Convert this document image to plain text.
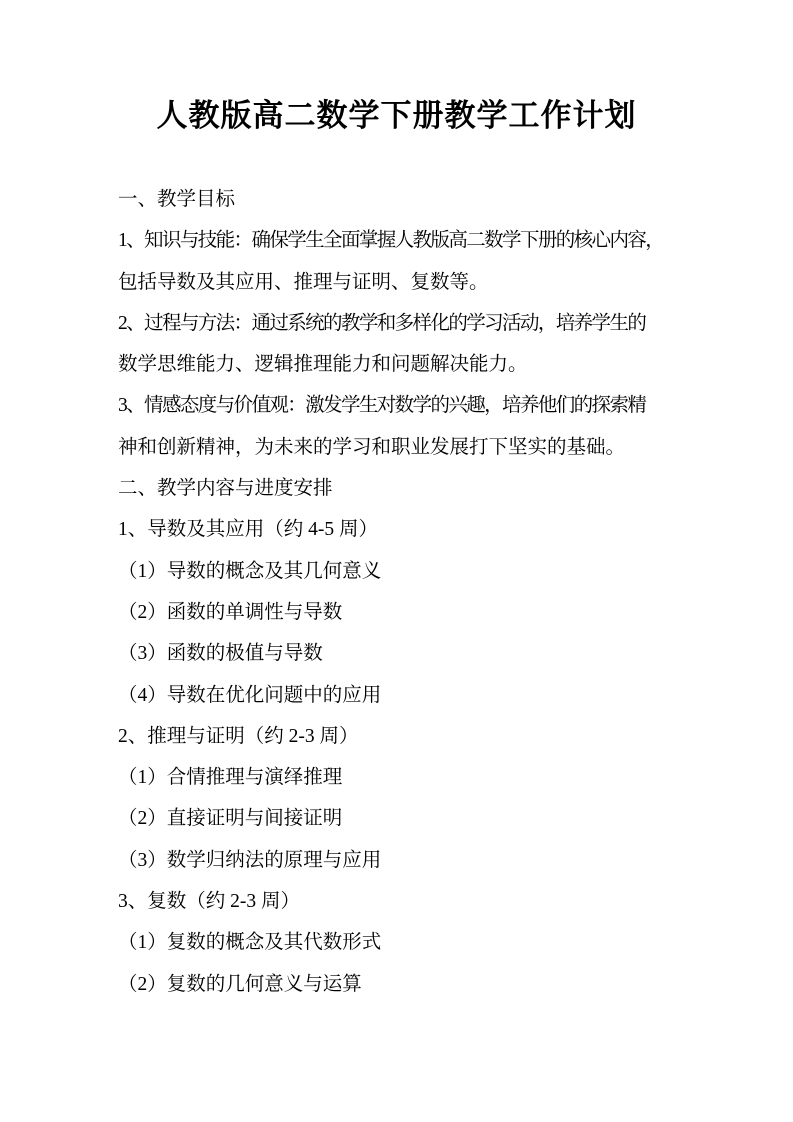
人教版高二数学下册教学工作计划
一、教学目标
1、知识与技能：确保学生全面掌握人教版高二数学下册的核心内容，
包括导数及其应用、推理与证明、复数等。
2、过程与方法：通过系统的教学和多样化的学习活动，培养学生的
数学思维能力、逻辑推理能力和问题解决能力。
3、情感态度与价值观：激发学生对数学的兴趣，培养他们的探索精
神和创新精神，为未来的学习和职业发展打下坚实的基础。
二、教学内容与进度安排
1、导数及其应用（约 4-5 周）
（1）导数的概念及其几何意义
（2）函数的单调性与导数
（3）函数的极值与导数
（4）导数在优化问题中的应用
2、推理与证明（约 2-3 周）
（1）合情推理与演绎推理
（2）直接证明与间接证明
（3）数学归纳法的原理与应用
3、复数（约 2-3 周）
（1）复数的概念及其代数形式
（2）复数的几何意义与运算
